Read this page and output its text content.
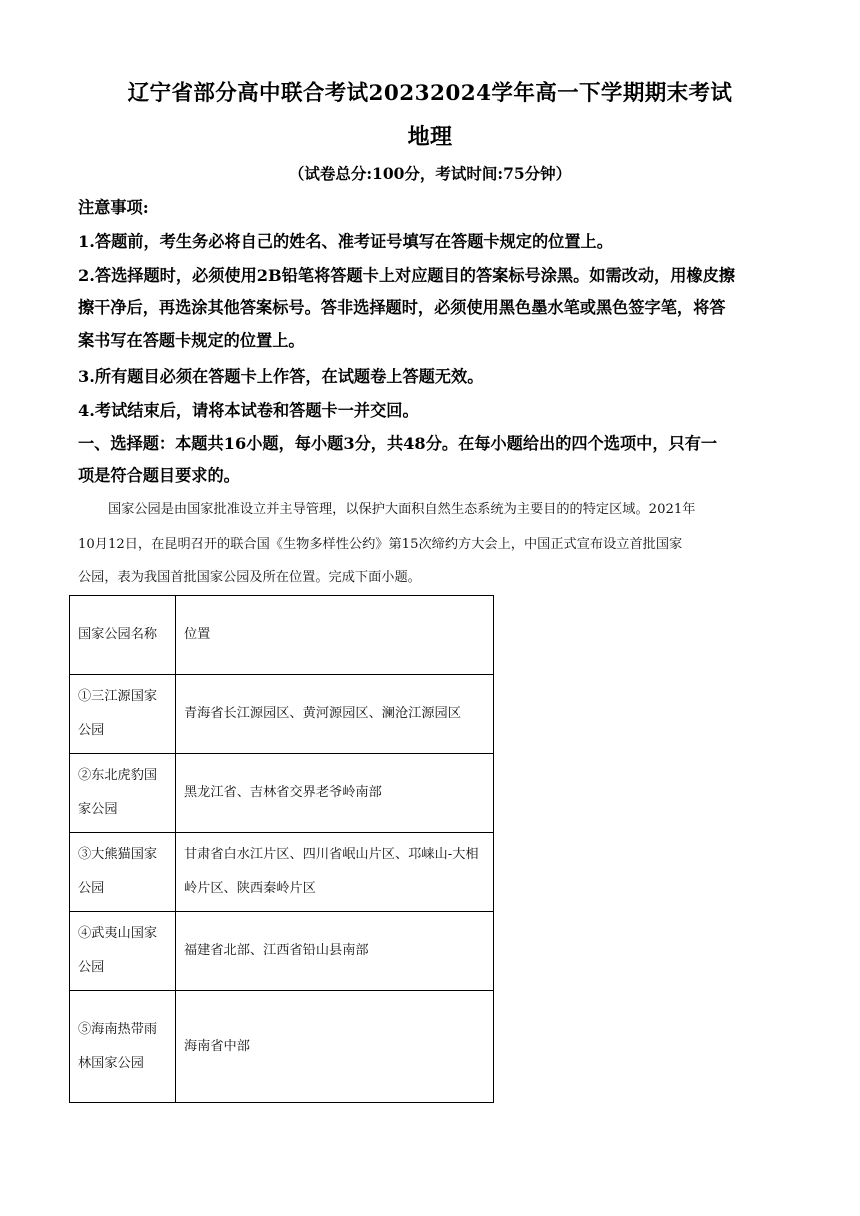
辽宁省部分高中联合考试20232024学年高一下学期期末考试
地理
（试卷总分:100分，考试时间:75分钟）
注意事项:
1.答题前，考生务必将自己的姓名、准考证号填写在答题卡规定的位置上。
2.答选择题时，必须使用2B铅笔将答题卡上对应题目的答案标号涂黑。如需改动，用橡皮擦
擦干净后，再选涂其他答案标号。答非选择题时，必须使用黑色墨水笔或黑色签字笔，将答
案书写在答题卡规定的位置上。
3.所有题目必须在答题卡上作答，在试题卷上答题无效。
4.考试结束后，请将本试卷和答题卡一并交回。
一、选择题：本题共16小题，每小题3分，共48分。在每小题给出的四个选项中，只有一
项是符合题目要求的。
国家公园是由国家批准设立并主导管理，以保护大面积自然生态系统为主要目的的特定区域。2021年
10月12日，在昆明召开的联合国《生物多样性公约》第15次缔约方大会上，中国正式宣布设立首批国家
公园，表为我国首批国家公园及所在位置。完成下面小题。
国家公园名称	位置
①三江源国家公园	青海省长江源园区、黄河源园区、澜沧江源园区
②东北虎豹国家公园	黑龙江省、吉林省交界老爷岭南部
③大熊猫国家公园	甘肃省白水江片区、四川省岷山片区、邛崃山-大相岭片区、陕西秦岭片区
④武夷山国家公园	福建省北部、江西省铅山县南部
⑤海南热带雨林国家公园	海南省中部
